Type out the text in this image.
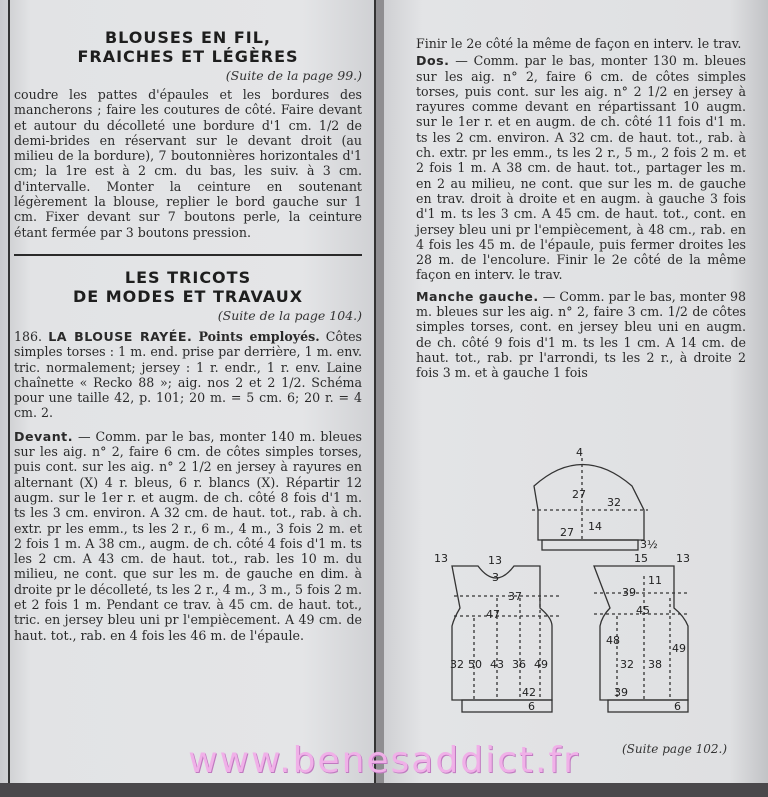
BLOUSES EN FIL,
FRAICHES ET LÉGÈRES
(Suite de la page 99.)

coudre les pattes d'épaules et les bordures des mancherons ; faire les coutures de côté. Faire devant et autour du décolleté une bordure d'1 cm. 1/2 de demi-brides en réservant sur le devant droit (au milieu de la bordure), 7 boutonnières horizontales d'1 cm; la 1re est à 2 cm. du bas, les suiv. à 3 cm. d'intervalle. Monter la ceinture en soutenant légèrement la blouse, replier le bord gauche sur 1 cm. Fixer devant sur 7 boutons perle, la ceinture étant fermée par 3 boutons pression.

LES TRICOTS
DE MODES ET TRAVAUX
(Suite de la page 104.)

186. LA BLOUSE RAYÉE. Points employés. Côtes simples torses : 1 m. end. prise par derrière, 1 m. env. tric. normalement; jersey : 1 r. endr., 1 r. env. Laine chaînette « Recko 88 »; aig. nos 2 et 2 1/2. Schéma pour une taille 42, p. 101; 20 m. = 5 cm. 6; 20 r. = 4 cm. 2.

Devant. — Comm. par le bas, monter 140 m. bleues sur les aig. n° 2, faire 6 cm. de côtes simples torses, puis cont. sur les aig. n° 2 1/2 en jersey à rayures en alternant (X) 4 r. bleus, 6 r. blancs (X). Répartir 12 augm. sur le 1er r. et augm. de ch. côté 8 fois d'1 m. ts les 3 cm. environ. A 32 cm. de haut. tot., rab. à ch. extr. pr les emm., ts les 2 r., 6 m., 4 m., 3 fois 2 m. et 2 fois 1 m. A 38 cm., augm. de ch. côté 4 fois d'1 m. ts les 2 cm. A 43 cm. de haut. tot., rab. les 10 m. du milieu, ne cont. que sur les m. de gauche en dim. à droite pr le décolleté, ts les 2 r., 4 m., 3 m., 5 fois 2 m. et 2 fois 1 m. Pendant ce trav. à 45 cm. de haut. tot., tric. en jersey bleu uni pr l'empiècement. A 49 cm. de haut. tot., rab. en 4 fois les 46 m. de l'épaule.

Finir le 2e côté la même de façon en interv. le trav.

Dos. — Comm. par le bas, monter 130 m. bleues sur les aig. n° 2, faire 6 cm. de côtes simples torses, puis cont. sur les aig. n° 2 1/2 en jersey à rayures comme devant en répartissant 10 augm. sur le 1er r. et en augm. de ch. côté 11 fois d'1 m. ts les 2 cm. environ. A 32 cm. de haut. tot., rab. à ch. extr. pr les emm., ts les 2 r., 5 m., 2 fois 2 m. et 2 fois 1 m. A 38 cm. de haut. tot., partager les m. en 2 au milieu, ne cont. que sur les m. de gauche en trav. droit à droite et en augm. à gauche 3 fois d'1 m. ts les 3 cm. A 45 cm. de haut. tot., cont. en jersey bleu uni pr l'empiècement, à 48 cm., rab. en 4 fois les 45 m. de l'épaule, puis fermer droites les 28 m. de l'encolure. Finir le 2e côté de la même façon en interv. le trav.

Manche gauche. — Comm. par le bas, monter 98 m. bleues sur les aig. n° 2, faire 3 cm. 1/2 de côtes simples torses, cont. en jersey bleu uni en augm. de ch. côté 9 fois d'1 m. ts les 1 cm. A 14 cm. de haut. tot., rab. pr l'arrondi, ts les 2 r., à droite 2 fois 3 m. et à gauche 1 fois

4
27
32
27 14
3½
13	13
3
37
47
32 50 43 36 49
42
6
15	13
39
11
45
48
32 38
49
39
6
(Suite page 102.)
www.benesaddict.fr
